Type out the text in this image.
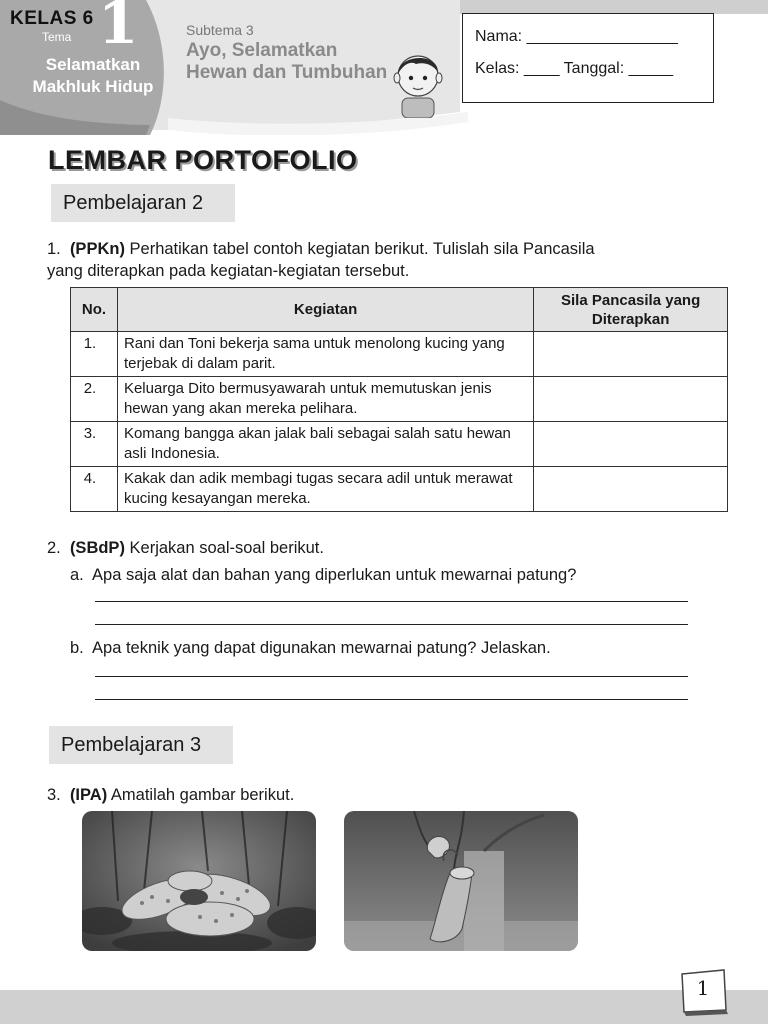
KELAS 6
Tema 1
Selamatkan Makhluk Hidup
Subtema 3
Ayo, Selamatkan Hewan dan Tumbuhan
Nama: _________________
Kelas: ____ Tanggal: _____
LEMBAR PORTOFOLIO
Pembelajaran 2
1. (PPKn) Perhatikan tabel contoh kegiatan berikut. Tulislah sila Pancasila
yang diterapkan pada kegiatan-kegiatan tersebut.
No.	Kegiatan	Sila Pancasila yang Diterapkan
1.	Rani dan Toni bekerja sama untuk menolong kucing yang terjebak di dalam parit.	
2.	Keluarga Dito bermusyawarah untuk memutuskan jenis hewan yang akan mereka pelihara.	
3.	Komang bangga akan jalak bali sebagai salah satu hewan asli Indonesia.	
4.	Kakak dan adik membagi tugas secara adil untuk merawat kucing kesayangan mereka.	
2. (SBdP) Kerjakan soal-soal berikut.
a. Apa saja alat dan bahan yang diperlukan untuk mewarnai patung?
b. Apa teknik yang dapat digunakan mewarnai patung? Jelaskan.
Pembelajaran 3
3. (IPA) Amatilah gambar berikut.
1
